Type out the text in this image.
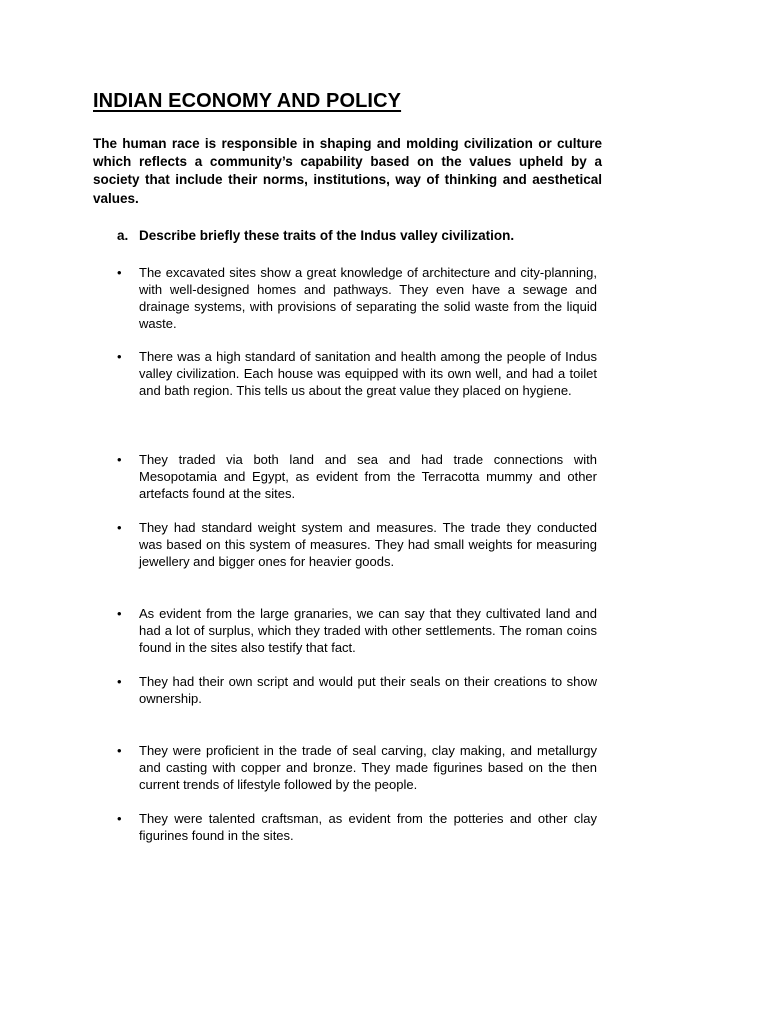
INDIAN ECONOMY AND POLICY

The human race is responsible in shaping and molding civilization or culture which reflects a community’s capability based on the values upheld by a society that include their norms, institutions, way of thinking and aesthetical values.

a. Describe briefly these traits of the Indus valley civilization.

• The excavated sites show a great knowledge of architecture and city-planning, with well-designed homes and pathways. They even have a sewage and drainage systems, with provisions of separating the solid waste from the liquid waste.
• There was a high standard of sanitation and health among the people of Indus valley civilization. Each house was equipped with its own well, and had a toilet and bath region. This tells us about the great value they placed on hygiene.
• They traded via both land and sea and had trade connections with Mesopotamia and Egypt, as evident from the Terracotta mummy and other artefacts found at the sites.
• They had standard weight system and measures. The trade they conducted was based on this system of measures. They had small weights for measuring jewellery and bigger ones for heavier goods.
• As evident from the large granaries, we can say that they cultivated land and had a lot of surplus, which they traded with other settlements. The roman coins found in the sites also testify that fact.
• They had their own script and would put their seals on their creations to show ownership.
• They were proficient in the trade of seal carving, clay making, and metallurgy and casting with copper and bronze. They made figurines based on the then current trends of lifestyle followed by the people.
• They were talented craftsman, as evident from the potteries and other clay figurines found in the sites.
